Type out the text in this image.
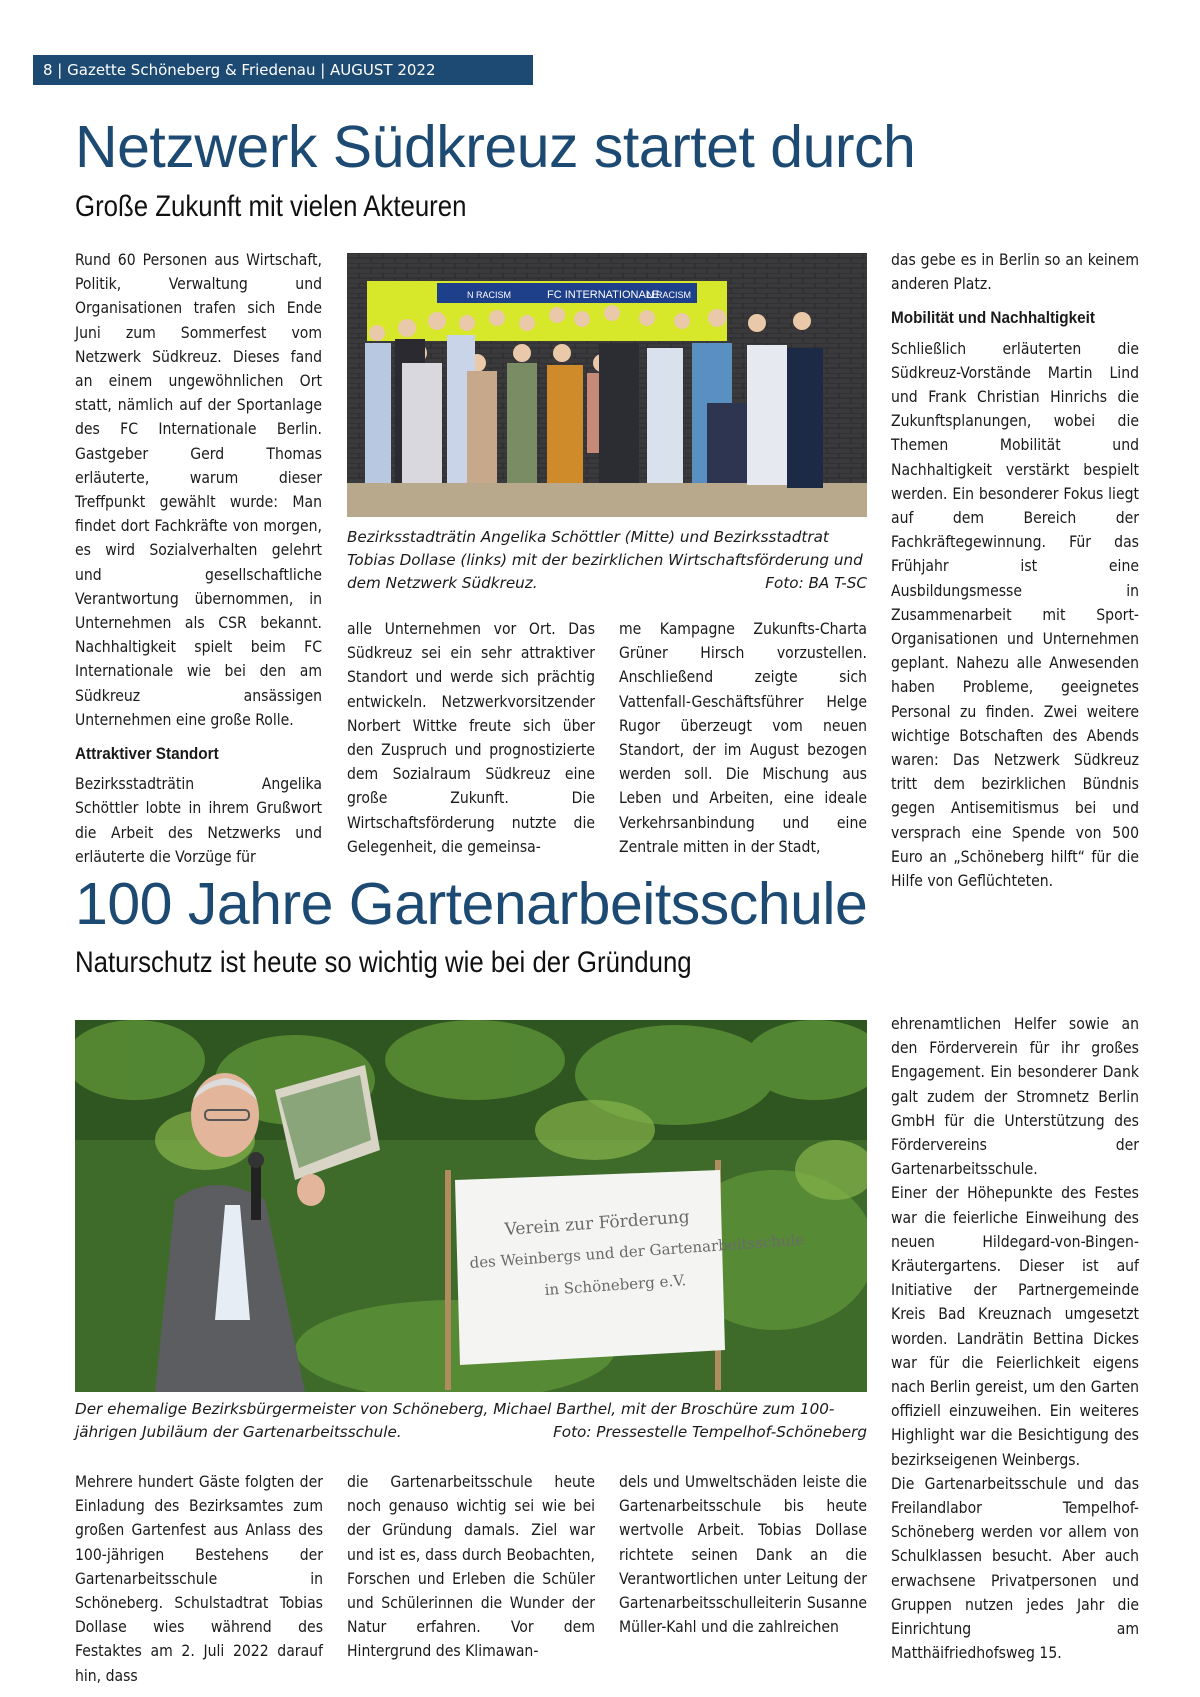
8 | Gazette Schöneberg & Friedenau | AUGUST 2022
Netzwerk Südkreuz startet durch
Große Zukunft mit vielen Akteuren

Rund 60 Personen aus Wirtschaft, Politik, Verwaltung und Organisationen trafen sich Ende Juni zum Sommerfest vom Netzwerk Südkreuz. Dieses fand an einem ungewöhnlichen Ort statt, nämlich auf der Sportanlage des FC Internationale Berlin. Gastgeber Gerd Thomas erläuterte, warum dieser Treffpunkt gewählt wurde: Man findet dort Fachkräfte von morgen, es wird Sozialverhalten gelehrt und gesellschaftliche Verantwortung übernommen, in Unternehmen als CSR bekannt. Nachhaltigkeit spielt beim FC Internationale wie bei den am Südkreuz ansässigen Unternehmen eine große Rolle.

Attraktiver Standort

Bezirksstadträtin Angelika Schöttler lobte in ihrem Grußwort die Arbeit des Netzwerks und erläuterte die Vorzüge für

FC INTERNATIONALE
N RACISM	N RACISM
Bezirksstadträtin Angelika Schöttler (Mitte) und Bezirksstadtrat Tobias Dollase (links) mit der bezirklichen Wirtschaftsförderung und dem Netzwerk Südkreuz.	Foto: BA T-SC

alle Unternehmen vor Ort. Das Südkreuz sei ein sehr attraktiver Standort und werde sich prächtig entwickeln. Netzwerkvorsitzender Norbert Wittke freute sich über den Zuspruch und prognostizierte dem Sozialraum Südkreuz eine große Zukunft. Die Wirtschaftsförderung nutzte die Gelegenheit, die gemeinsa-

me Kampagne Zukunfts-Charta Grüner Hirsch vorzustellen. Anschließend zeigte sich Vattenfall-Geschäftsführer Helge Rugor überzeugt vom neuen Standort, der im August bezogen werden soll. Die Mischung aus Leben und Arbeiten, eine ideale Verkehrsanbindung und eine Zentrale mitten in der Stadt,

das gebe es in Berlin so an keinem anderen Platz.

Mobilität und Nachhaltigkeit

Schließlich erläuterten die Südkreuz-Vorstände Martin Lind und Frank Christian Hinrichs die Zukunftsplanungen, wobei die Themen Mobilität und Nachhaltigkeit verstärkt bespielt werden. Ein besonderer Fokus liegt auf dem Bereich der Fachkräftegewinnung. Für das Frühjahr ist eine Ausbildungsmesse in Zusammenarbeit mit Sport-Organisationen und Unternehmen geplant. Nahezu alle Anwesenden haben Probleme, geeignetes Personal zu finden. Zwei weitere wichtige Botschaften des Abends waren: Das Netzwerk Südkreuz tritt dem bezirklichen Bündnis gegen Antisemitismus bei und versprach eine Spende von 500 Euro an „Schöneberg hilft“ für die Hilfe von Geflüchteten.

100 Jahre Gartenarbeitsschule
Naturschutz ist heute so wichtig wie bei der Gründung
Verein zur Förderung
des Weinbergs und der Gartenarbeitsschule
in Schöneberg e.V.
Der ehemalige Bezirksbürgermeister von Schöneberg, Michael Barthel, mit der Broschüre zum 100-jährigen Jubiläum der Gartenarbeitsschule.	Foto: Pressestelle Tempelhof-Schöneberg

Mehrere hundert Gäste folgten der Einladung des Bezirksamtes zum großen Gartenfest aus Anlass des 100-jährigen Bestehens der Gartenarbeitsschule in Schöneberg. Schulstadtrat Tobias Dollase wies während des Festaktes am 2. Juli 2022 darauf hin, dass

die Gartenarbeitsschule heute noch genauso wichtig sei wie bei der Gründung damals. Ziel war und ist es, dass durch Beobachten, Forschen und Erleben die Schüler und Schülerinnen die Wunder der Natur erfahren. Vor dem Hintergrund des Klimawan-

dels und Umweltschäden leiste die Gartenarbeitsschule bis heute wertvolle Arbeit. Tobias Dollase richtete seinen Dank an die Verantwortlichen unter Leitung der Gartenarbeitsschulleiterin Susanne Müller-Kahl und die zahlreichen

ehrenamtlichen Helfer sowie an den Förderverein für ihr großes Engagement. Ein besonderer Dank galt zudem der Stromnetz Berlin GmbH für die Unterstützung des Fördervereins der Gartenarbeitsschule.

Einer der Höhepunkte des Festes war die feierliche Einweihung des neuen Hildegard-von-Bingen-Kräutergartens. Dieser ist auf Initiative der Partnergemeinde Kreis Bad Kreuznach umgesetzt worden. Landrätin Bettina Dickes war für die Feierlichkeit eigens nach Berlin gereist, um den Garten offiziell einzuweihen. Ein weiteres Highlight war die Besichtigung des bezirkseigenen Weinbergs.

Die Gartenarbeitsschule und das Freilandlabor Tempelhof-Schöneberg werden vor allem von Schulklassen besucht. Aber auch erwachsene Privatpersonen und Gruppen nutzen jedes Jahr die Einrichtung am Matthäifriedhofsweg 15.
